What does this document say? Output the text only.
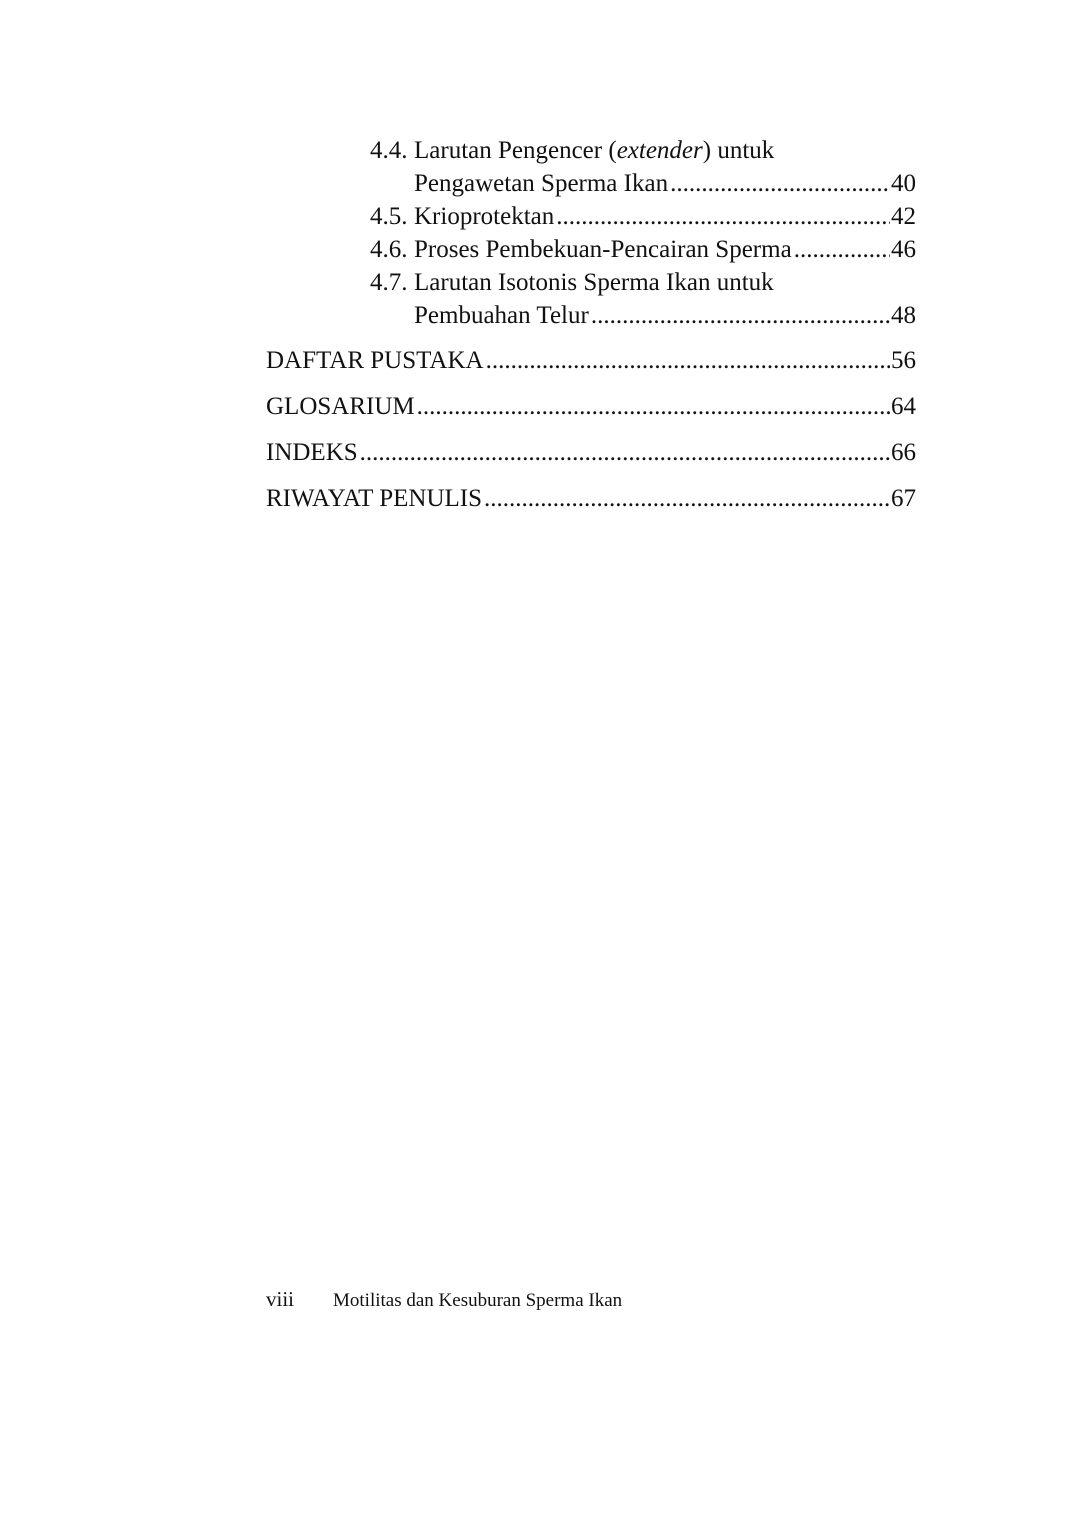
4.4. Larutan Pengencer (extender) untuk
Pengawetan Sperma Ikan .....	40
4.5. Krioprotektan .....	42
4.6. Proses Pembekuan-Pencairan Sperma .....	46
4.7. Larutan Isotonis Sperma Ikan untuk
Pembuahan Telur .....	48
DAFTAR PUSTAKA .....	56
GLOSARIUM .....	64
INDEKS .....	66
RIWAYAT PENULIS .....	67
viii	Motilitas dan Kesuburan Sperma Ikan
